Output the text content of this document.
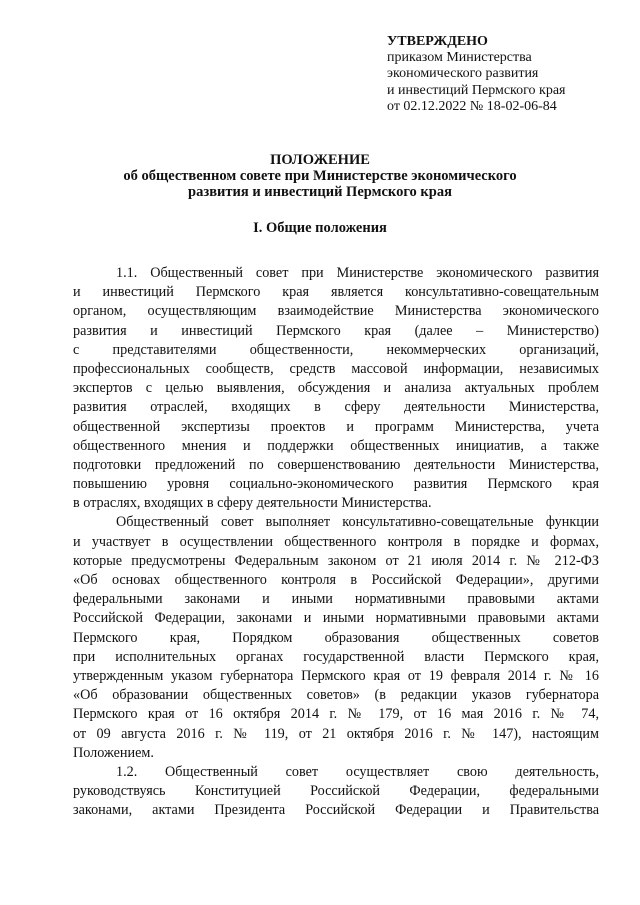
УТВЕРЖДЕНО
приказом Министерства
экономического развития
и инвестиций Пермского края
от 02.12.2022 № 18-02-06-84
ПОЛОЖЕНИЕ
об общественном совете при Министерстве экономического
развития и инвестиций Пермского края
I. Общие положения
1.1. Общественный совет при Министерстве экономического развития
и инвестиций Пермского края является консультативно-совещательным
органом, осуществляющим взаимодействие Министерства экономического
развития и инвестиций Пермского края (далее – Министерство)
с представителями общественности, некоммерческих организаций,
профессиональных сообществ, средств массовой информации, независимых
экспертов с целью выявления, обсуждения и анализа актуальных проблем
развития отраслей, входящих в сферу деятельности Министерства,
общественной экспертизы проектов и программ Министерства, учета
общественного мнения и поддержки общественных инициатив, а также
подготовки предложений по совершенствованию деятельности Министерства,
повышению уровня социально-экономического развития Пермского края
в отраслях, входящих в сферу деятельности Министерства.
Общественный совет выполняет консультативно-совещательные функции
и участвует в осуществлении общественного контроля в порядке и формах,
которые предусмотрены Федеральным законом от 21 июля 2014 г. № 212-ФЗ
«Об основах общественного контроля в Российской Федерации», другими
федеральными законами и иными нормативными правовыми актами
Российской Федерации, законами и иными нормативными правовыми актами
Пермского края, Порядком образования общественных советов
при исполнительных органах государственной власти Пермского края,
утвержденным указом губернатора Пермского края от 19 февраля 2014 г. № 16
«Об образовании общественных советов» (в редакции указов губернатора
Пермского края от 16 октября 2014 г. № 179, от 16 мая 2016 г. № 74,
от 09 августа 2016 г. № 119, от 21 октября 2016 г. № 147), настоящим
Положением.
1.2. Общественный совет осуществляет свою деятельность,
руководствуясь Конституцией Российской Федерации, федеральными
законами, актами Президента Российской Федерации и Правительства
